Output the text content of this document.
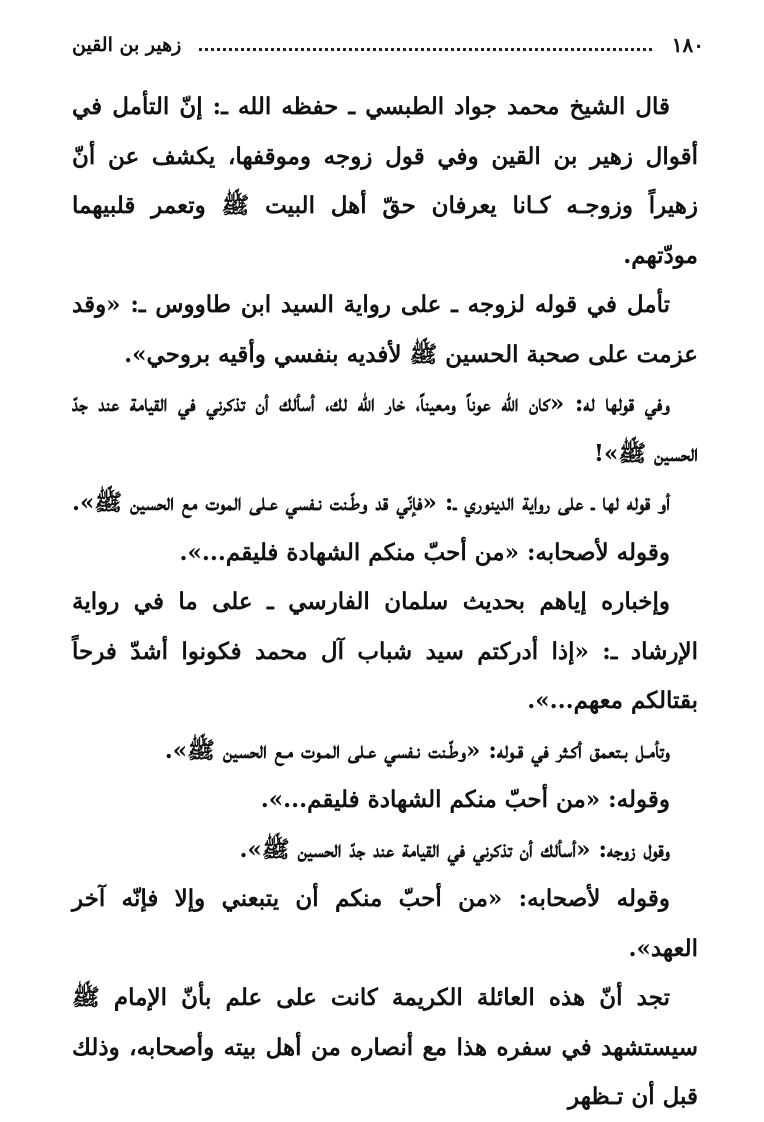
١٨٠
زهير بن القين

قال الشيخ محمد جواد الطبسي ـ حفظه الله ـ: إنّ التأمل في أقوال زهير بن القين وفي قول زوجه وموقفها، يكشف عن أنّ زهيراً وزوجـه كـانا يعرفان حقّ أهل البيت ﷺ وتعمر قلبيهما مودّتهم.

تأمل في قوله لزوجه ـ على رواية السيد ابن طاووس ـ: «وقد عزمت على صحبة الحسين ﷺ لأفديه بنفسي وأقيه بروحي».

وفي قولها له: «كان الله عوناً ومعيناً، خار الله لك، أسألك أن تذكرني في القيامة عند جدّ الحسين ﷺ»!

أو قوله لها ـ على رواية الدينوري ـ: «فإنّي قد وطّـنت نـفسي عـلى الموت مع الحسين ﷺ».

وقوله لأصحابه: «من أحبّ منكم الشهادة فليقم...».

وإخباره إياهم بحديث سلمان الفارسي ـ على ما في رواية الإرشاد ـ: «إذا أدركتم سيد شباب آل محمد فكونوا أشدّ فرحاً بقتالكم معهم...».

وتأمـل بـتعمق أكـثر في قـوله: «وطّـنت نـفسي عـلى المـوت مـع الحسين ﷺ».

وقوله: «من أحبّ منكم الشهادة فليقم...».

وقول زوجه: «أسألك أن تذكرني في القيامة عند جدّ الحسين ﷺ».

وقوله لأصحابه: «من أحبّ منكم أن يتبعني وإلا فإنّه آخر العهد».

تجد أنّ هذه العائلة الكريمة كانت على علم بأنّ الإمام ﷺ سيستشهد في سفره هذا مع أنصاره من أهل بيته وأصحابه، وذلك قبل أن تـظهر
